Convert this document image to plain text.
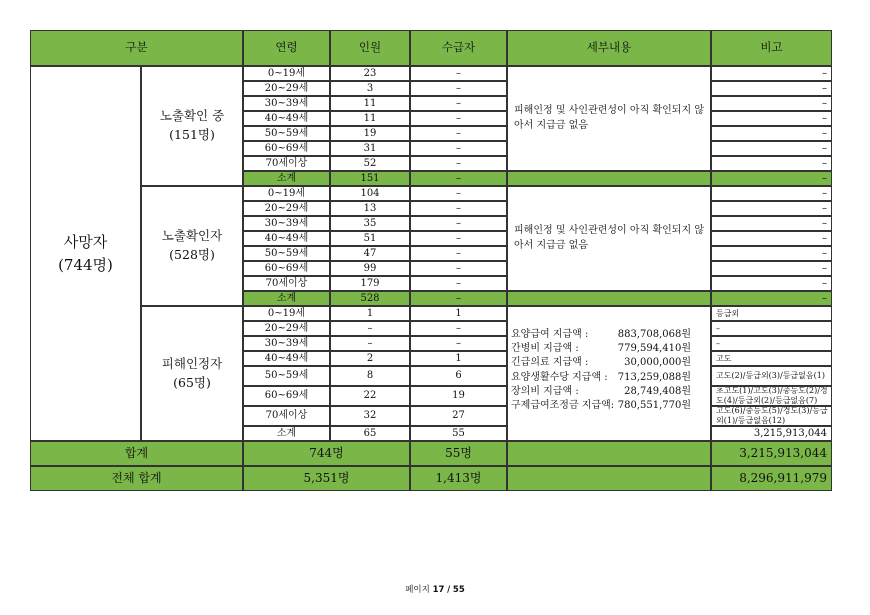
구분	연령	인원	수급자	세부내용	비고
0~19세	23	–	–
20~29세	3	–	–
30~39세	11	–	–
40~49세	11	–	–
50~59세	19	–	–
60~69세	31	–	–
70세이상	52	–	–
소계	151	–	–
피해인정 및 사인관련성이 아직 확인되지 않아서 지급금 없음
노출확인 중
(151명)
0~19세	104	–	–
20~29세	13	–	–
30~39세	35	–	–
40~49세	51	–	–
50~59세	47	–	–
60~69세	99	–	–
70세이상	179	–	–
소계	528	–	–
피해인정 및 사인관련성이 아직 확인되지 않아서 지급금 없음
노출확인자
(528명)
0~19세	1	1	등급외
20~29세	–	–	–
30~39세	–	–	–
40~49세	2	1	고도
50~59세	8	6	고도(2)/등급외(3)/등급없음(1)
60~69세	22	19	초고도(1)/고도(3)/중등도(2)/경도(4)/등급외(2)/등급없음(7)
70세이상	32	27	고도(6)/중등도(5)/경도(3)/등급외(1)/등급없음(12)
소계	65	55	3,215,913,044
피해인정자
(65명)
사망자
(744명)
요양급여 지급액 :	883,708,068원
간병비 지급액 :	779,594,410원
긴급의료 지급액 :	30,000,000원
요양생활수당 지급액 : 713,259,088원
장의비 지급액 :	28,749,408원
구제급여조정금 지급액: 780,551,770원
합계	744명	55명	3,215,913,044
전체 합계	5,351명	1,413명	8,296,911,979
페이지 17 / 55
